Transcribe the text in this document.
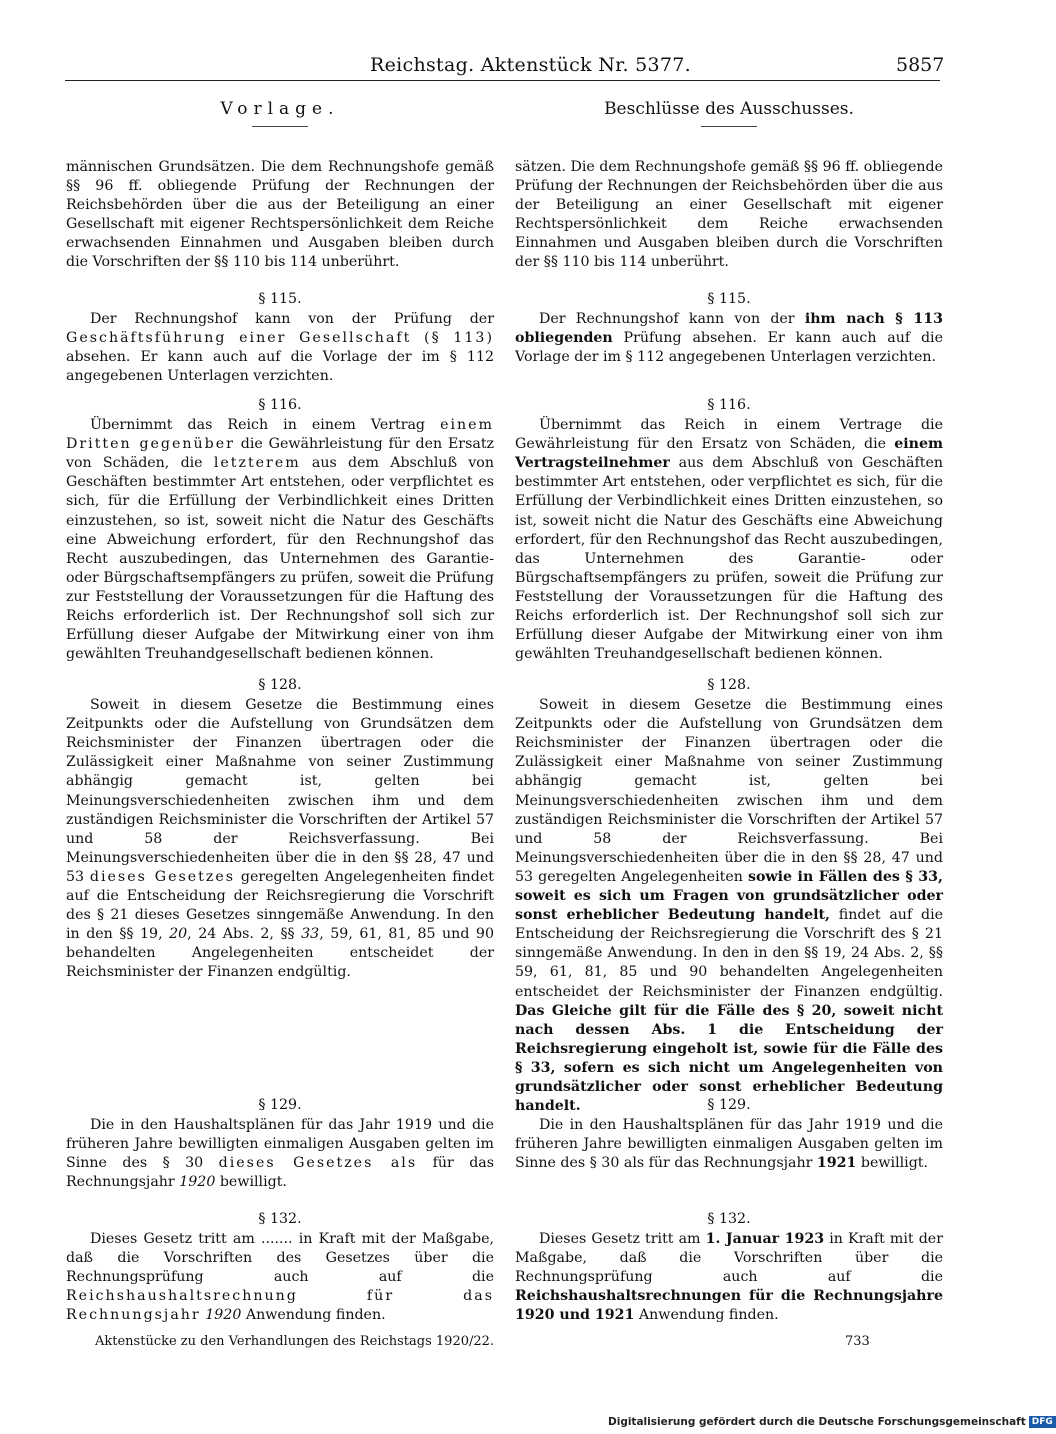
Reichstag. Aktenstück Nr. 5377.	5857
Vorlage.
männischen Grundsätzen. Die dem Rechnungshofe gemäß §§ 96 ff. obliegende Prüfung der Rechnungen der Reichsbehörden über die aus der Beteiligung an einer Gesellschaft mit eigener Rechtspersönlichkeit dem Reiche erwachsenden Einnahmen und Ausgaben bleiben durch die Vorschriften der §§ 110 bis 114 unberührt.
§ 115.
Der Rechnungshof kann von der Prüfung der Geschäftsführung einer Gesellschaft (§ 113) absehen. Er kann auch auf die Vorlage der im § 112 angegebenen Unterlagen verzichten.
§ 116.
Übernimmt das Reich in einem Vertrag einem Dritten gegenüber die Gewährleistung für den Ersatz von Schäden, die letzterem aus dem Abschluß von Geschäften bestimmter Art entstehen, oder verpflichtet es sich, für die Erfüllung der Verbindlichkeit eines Dritten einzustehen, so ist, soweit nicht die Natur des Geschäfts eine Abweichung erfordert, für den Rechnungshof das Recht auszubedingen, das Unternehmen des Garantie- oder Bürgschaftsempfängers zu prüfen, soweit die Prüfung zur Feststellung der Voraussetzungen für die Haftung des Reichs erforderlich ist. Der Rechnungshof soll sich zur Erfüllung dieser Aufgabe der Mitwirkung einer von ihm gewählten Treuhandgesellschaft bedienen können.
§ 128.
Soweit in diesem Gesetze die Bestimmung eines Zeitpunkts oder die Aufstellung von Grundsätzen dem Reichsminister der Finanzen übertragen oder die Zulässigkeit einer Maßnahme von seiner Zustimmung abhängig gemacht ist, gelten bei Meinungsverschiedenheiten zwischen ihm und dem zuständigen Reichsminister die Vorschriften der Artikel 57 und 58 der Reichsverfassung. Bei Meinungsverschiedenheiten über die in den §§ 28, 47 und 53 dieses Gesetzes geregelten Angelegenheiten findet auf die Entscheidung der Reichsregierung die Vorschrift des § 21 dieses Gesetzes sinngemäße Anwendung. In den in den §§ 19, 20, 24 Abs. 2, §§ 33, 59, 61, 81, 85 und 90 behandelten Angelegenheiten entscheidet der Reichsminister der Finanzen endgültig.
§ 129.
Die in den Haushaltsplänen für das Jahr 1919 und die früheren Jahre bewilligten einmaligen Ausgaben gelten im Sinne des § 30 dieses Gesetzes als für das Rechnungsjahr 1920 bewilligt.
§ 132.
Dieses Gesetz tritt am ....... in Kraft mit der Maßgabe, daß die Vorschriften des Gesetzes über die Rechnungsprüfung auch auf die Reichshaushaltsrechnung für das Rechnungsjahr 1920 Anwendung finden.
Beschlüsse des Ausschusses.
sätzen. Die dem Rechnungshofe gemäß §§ 96 ff. obliegende Prüfung der Rechnungen der Reichsbehörden über die aus der Beteiligung an einer Gesellschaft mit eigener Rechtspersönlichkeit dem Reiche erwachsenden Einnahmen und Ausgaben bleiben durch die Vorschriften der §§ 110 bis 114 unberührt.
§ 115.
Der Rechnungshof kann von der ihm nach § 113 obliegenden Prüfung absehen. Er kann auch auf die Vorlage der im § 112 angegebenen Unterlagen verzichten.
§ 116.
Übernimmt das Reich in einem Vertrage die Gewährleistung für den Ersatz von Schäden, die einem Vertragsteilnehmer aus dem Abschluß von Geschäften bestimmter Art entstehen, oder verpflichtet es sich, für die Erfüllung der Verbindlichkeit eines Dritten einzustehen, so ist, soweit nicht die Natur des Geschäfts eine Abweichung erfordert, für den Rechnungshof das Recht auszubedingen, das Unternehmen des Garantie- oder Bürgschaftsempfängers zu prüfen, soweit die Prüfung zur Feststellung der Voraussetzungen für die Haftung des Reichs erforderlich ist. Der Rechnungshof soll sich zur Erfüllung dieser Aufgabe der Mitwirkung einer von ihm gewählten Treuhandgesellschaft bedienen können.
§ 128.
Soweit in diesem Gesetze die Bestimmung eines Zeitpunkts oder die Aufstellung von Grundsätzen dem Reichsminister der Finanzen übertragen oder die Zulässigkeit einer Maßnahme von seiner Zustimmung abhängig gemacht ist, gelten bei Meinungsverschiedenheiten zwischen ihm und dem zuständigen Reichsminister die Vorschriften der Artikel 57 und 58 der Reichsverfassung. Bei Meinungsverschiedenheiten über die in den §§ 28, 47 und 53 geregelten Angelegenheiten sowie in Fällen des § 33, soweit es sich um Fragen von grundsätzlicher oder sonst erheblicher Bedeutung handelt, findet auf die Entscheidung der Reichsregierung die Vorschrift des § 21 sinngemäße Anwendung. In den in den §§ 19, 24 Abs. 2, §§ 59, 61, 81, 85 und 90 behandelten Angelegenheiten entscheidet der Reichsminister der Finanzen endgültig. Das Gleiche gilt für die Fälle des § 20, soweit nicht nach dessen Abs. 1 die Entscheidung der Reichsregierung eingeholt ist, sowie für die Fälle des § 33, sofern es sich nicht um Angelegenheiten von grundsätzlicher oder sonst erheblicher Bedeutung handelt.	§ 129.
Die in den Haushaltsplänen für das Jahr 1919 und die früheren Jahre bewilligten einmaligen Ausgaben gelten im Sinne des § 30 als für das Rechnungsjahr 1921 bewilligt.
§ 132.
Dieses Gesetz tritt am 1. Januar 1923 in Kraft mit der Maßgabe, daß die Vorschriften über die Rechnungsprüfung auch auf die Reichshaushaltsrechnungen für die Rechnungsjahre 1920 und 1921 Anwendung finden.
Aktenstücke zu den Verhandlungen des Reichstags 1920/22.	733
Digitalisierung gefördert durch die Deutsche Forschungsgemeinschaft DFG
